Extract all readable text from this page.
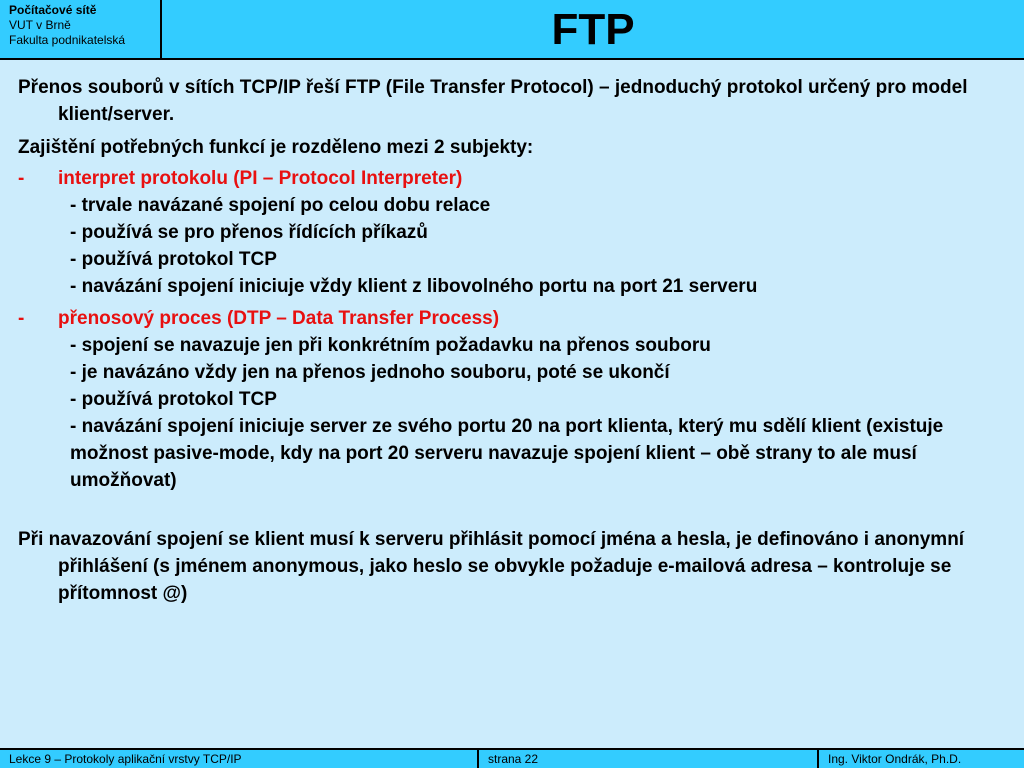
Počítačové sítě
VUT v Brně
Fakulta podnikatelská	FTP
Přenos souborů v sítích TCP/IP řeší FTP (File Transfer Protocol) – jednoduchý protokol určený pro model klient/server.
Zajištění potřebných funkcí je rozděleno mezi 2 subjekty:
- interpret protokolu (PI – Protocol Interpreter)
- trvale navázané spojení po celou dobu relace
- používá se pro přenos řídících příkazů
- používá protokol TCP
- navázání spojení iniciuje vždy klient z libovolného portu na port 21 serveru
- přenosový proces (DTP – Data Transfer Process)
- spojení se navazuje jen při konkrétním požadavku na přenos souboru
- je navázáno vždy jen na přenos jednoho souboru, poté se ukončí
- používá protokol TCP
- navázání spojení iniciuje server ze svého portu 20 na port klienta, který mu sdělí klient (existuje možnost pasive-mode, kdy na port 20 serveru navazuje spojení klient – obě strany to ale musí umožňovat)
Při navazování spojení se klient musí k serveru přihlásit pomocí jména a hesla, je definováno i anonymní přihlášení (s jménem anonymous, jako heslo se obvykle požaduje e-mailová adresa – kontroluje se přítomnost @)
Lekce 9 – Protokoly aplikační vrstvy TCP/IP	strana 22	Ing. Viktor Ondrák, Ph.D.
